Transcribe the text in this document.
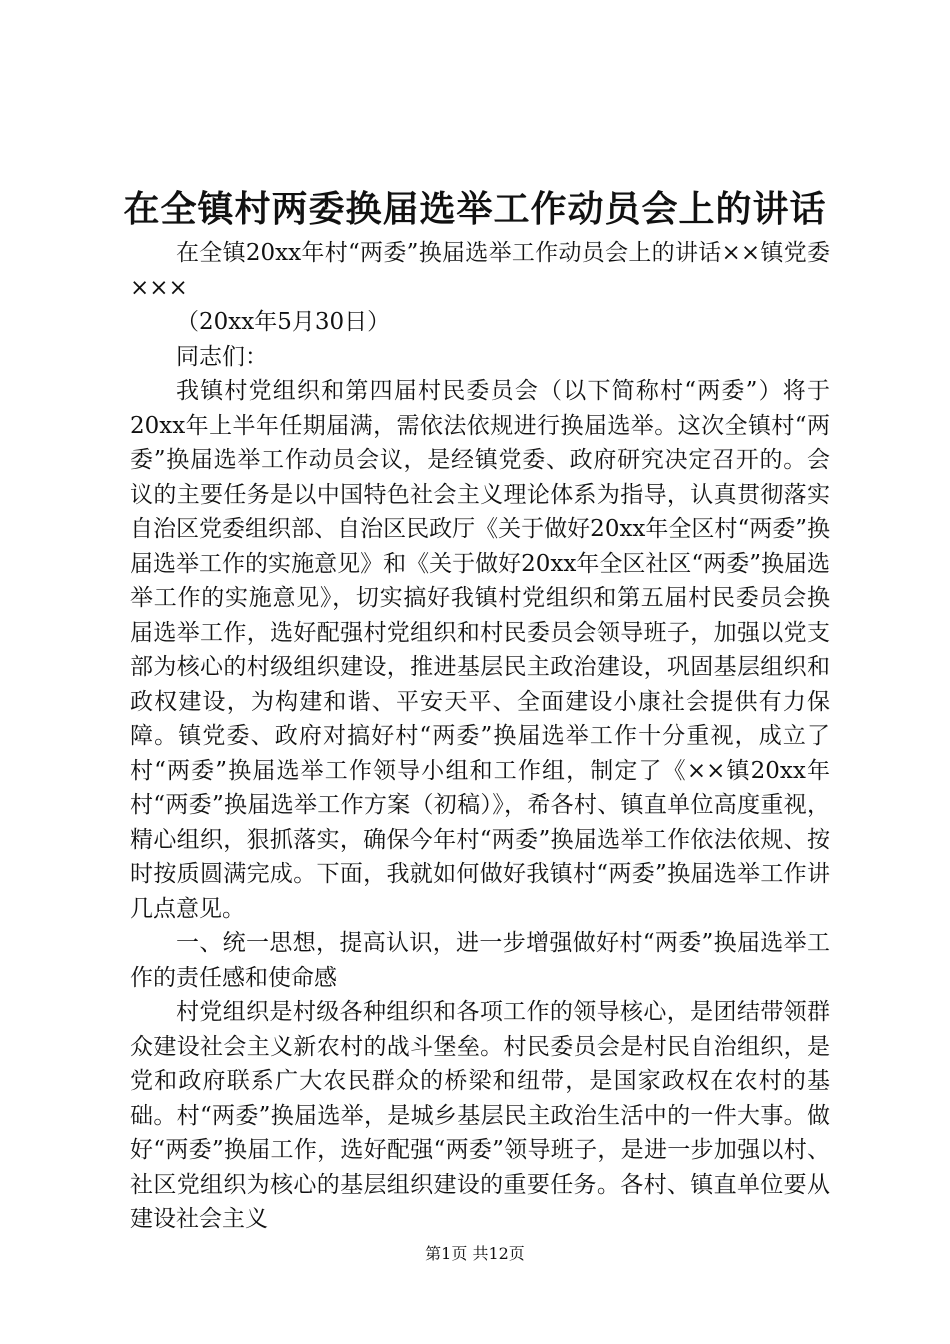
在全镇村两委换届选举工作动员会上的讲话

在全镇20xx年村“两委”换届选举工作动员会上的讲话××镇党委×××

（20xx年5月30日）

同志们：

我镇村党组织和第四届村民委员会（以下简称村“两委”）将于20xx年上半年任期届满，需依法依规进行换届选举。这次全镇村“两委”换届选举工作动员会议，是经镇党委、政府研究决定召开的。会议的主要任务是以中国特色社会主义理论体系为指导，认真贯彻落实自治区党委组织部、自治区民政厅《关于做好20xx年全区村“两委”换届选举工作的实施意见》和《关于做好20xx年全区社区“两委”换届选举工作的实施意见》，切实搞好我镇村党组织和第五届村民委员会换届选举工作，选好配强村党组织和村民委员会领导班子，加强以党支部为核心的村级组织建设，推进基层民主政治建设，巩固基层组织和政权建设，为构建和谐、平安天平、全面建设小康社会提供有力保障。镇党委、政府对搞好村“两委”换届选举工作十分重视，成立了村“两委”换届选举工作领导小组和工作组，制定了《××镇20xx年村“两委”换届选举工作方案（初稿）》，希各村、镇直单位高度重视，精心组织，狠抓落实，确保今年村“两委”换届选举工作依法依规、按时按质圆满完成。下面，我就如何做好我镇村“两委”换届选举工作讲几点意见。

一、统一思想，提高认识，进一步增强做好村“两委”换届选举工作的责任感和使命感

村党组织是村级各种组织和各项工作的领导核心，是团结带领群众建设社会主义新农村的战斗堡垒。村民委员会是村民自治组织，是党和政府联系广大农民群众的桥梁和纽带，是国家政权在农村的基础。村“两委”换届选举，是城乡基层民主政治生活中的一件大事。做好“两委”换届工作，选好配强“两委”领导班子，是进一步加强以村、社区党组织为核心的基层组织建设的重要任务。各村、镇直单位要从建设社会主义

第1页 共12页
